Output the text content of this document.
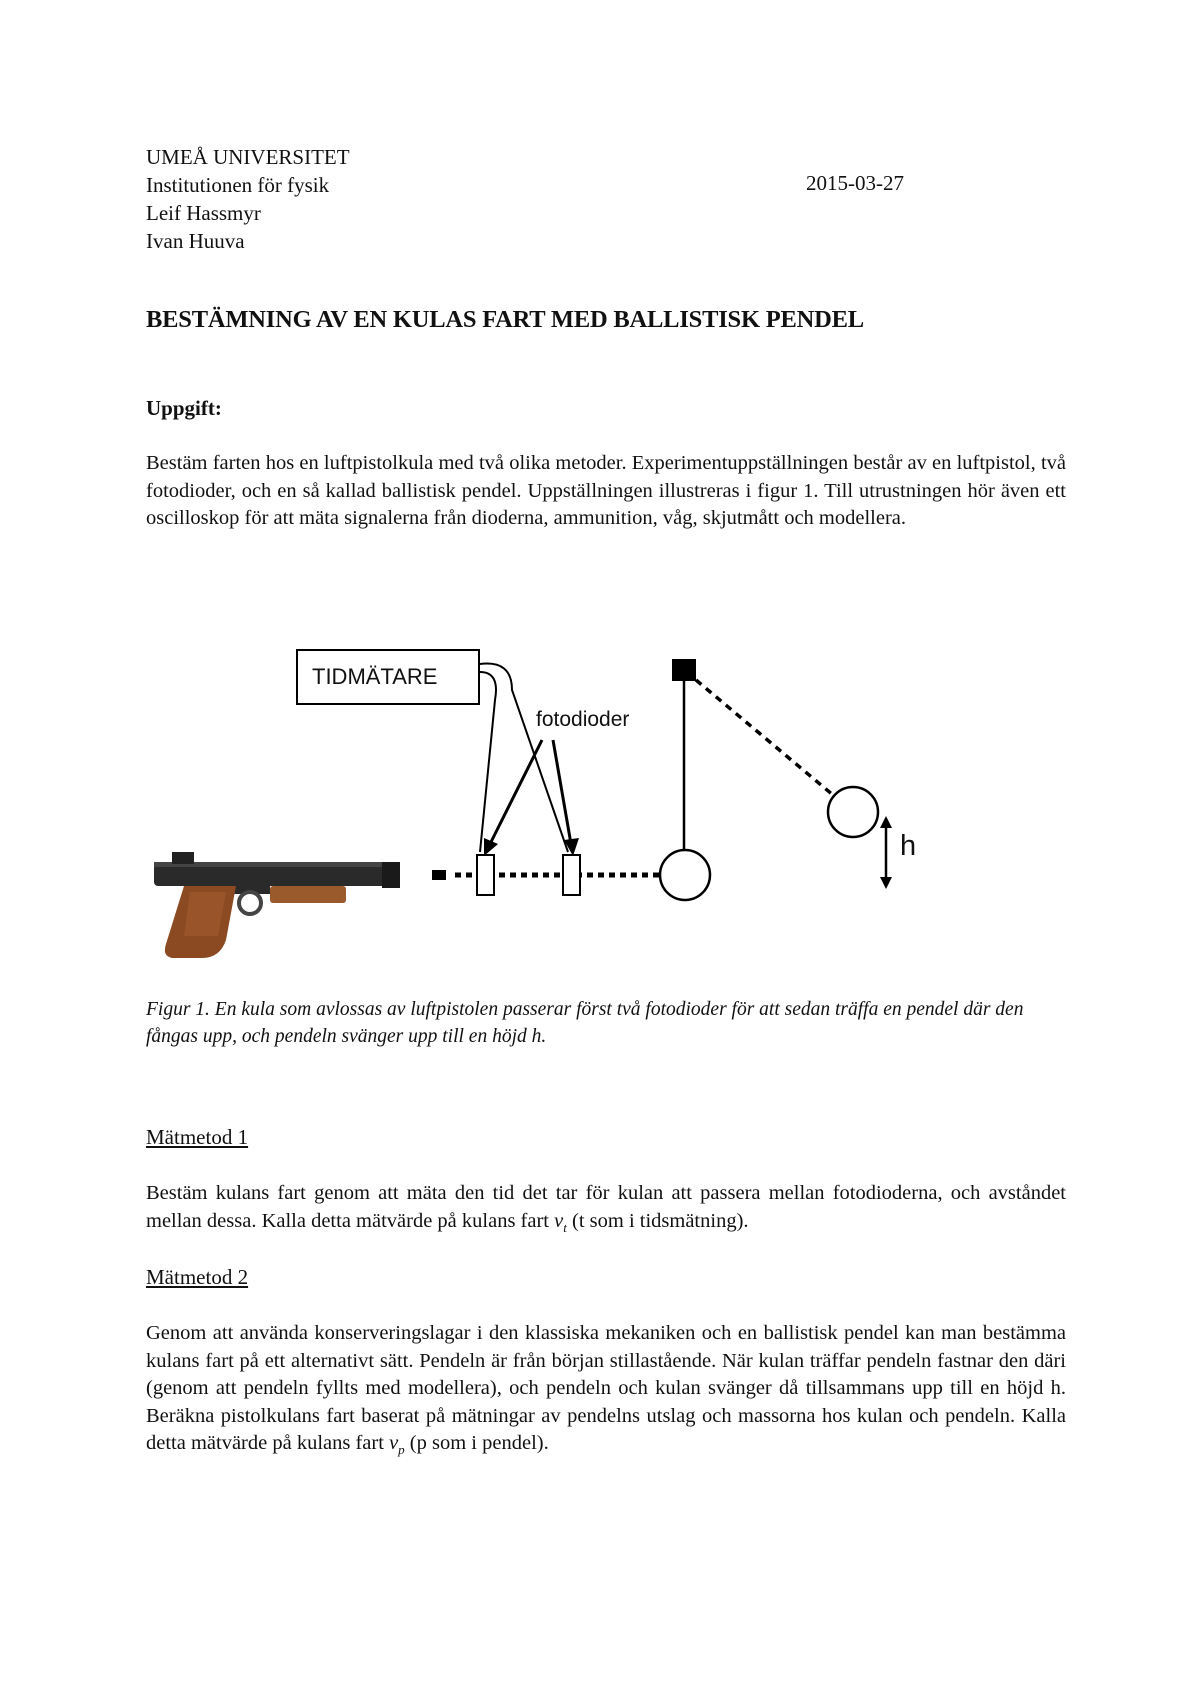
UMEÅ UNIVERSITET
Institutionen för fysik	2015-03-27
Leif Hassmyr
Ivan Huuva
BESTÄMNING AV EN KULAS FART MED BALLISTISK PENDEL
Uppgift:
Bestäm farten hos en luftpistolkula med två olika metoder. Experimentuppställningen består av en luftpistol, två fotodioder, och en så kallad ballistisk pendel. Uppställningen illustreras i figur 1. Till utrustningen hör även ett oscilloskop för att mäta signalerna från dioderna, ammunition, våg, skjutmått och modellera.
TIDMÄTARE
fotodioder
h
Figur 1. En kula som avlossas av luftpistolen passerar först två fotodioder för att sedan träffa en pendel där den fångas upp, och pendeln svänger upp till en höjd h.
Mätmetod 1
Bestäm kulans fart genom att mäta den tid det tar för kulan att passera mellan fotodioderna, och avståndet mellan dessa. Kalla detta mätvärde på kulans fart $v_t$ (t som i tidsmätning).
Mätmetod 2
Genom att använda konserveringslagar i den klassiska mekaniken och en ballistisk pendel kan man bestämma kulans fart på ett alternativt sätt. Pendeln är från början stillastående. När kulan träffar pendeln fastnar den däri (genom att pendeln fyllts med modellera), och pendeln och kulan svänger då tillsammans upp till en höjd h. Beräkna pistolkulans fart baserat på mätningar av pendelns utslag och massorna hos kulan och pendeln. Kalla detta mätvärde på kulans fart $v_p$ (p som i pendel).
